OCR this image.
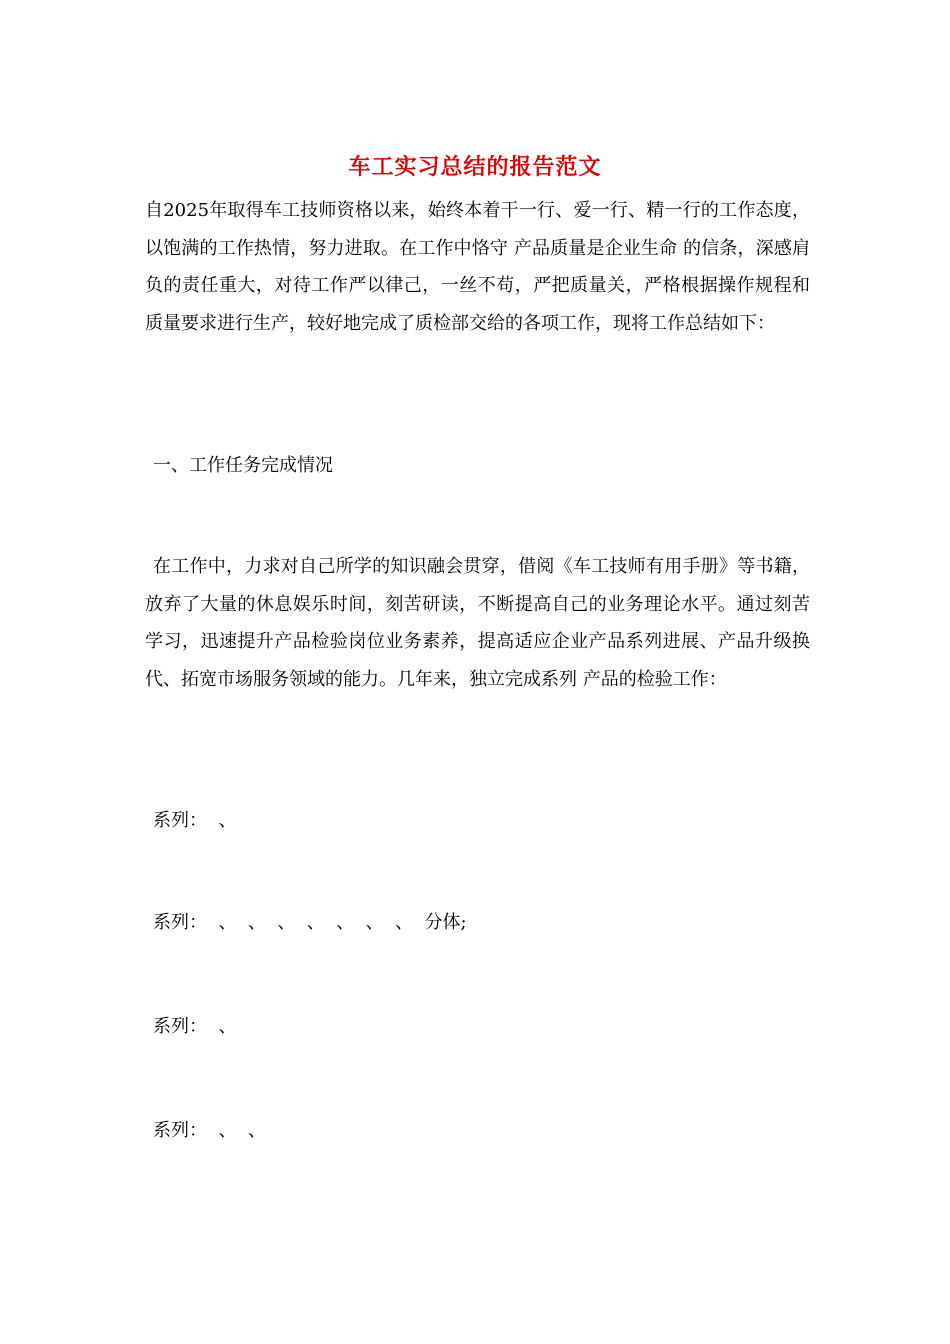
车工实习总结的报告范文

自2025年取得车工技师资格以来，始终本着干一行、爱一行、精一行的工作态度，以饱满的工作热情，努力进取。在工作中恪守 产品质量是企业生命 的信条，深感肩负的责任重大，对待工作严以律己，一丝不苟，严把质量关，严格根据操作规程和质量要求进行生产，较好地完成了质检部交给的各项工作，现将工作总结如下：

一、工作任务完成情况

在工作中，力求对自己所学的知识融会贯穿，借阅《车工技师有用手册》等书籍，放弃了大量的休息娱乐时间，刻苦研读，不断提高自己的业务理论水平。通过刻苦学习，迅速提升产品检验岗位业务素养，提高适应企业产品系列进展、产品升级换代、拓宽市场服务领域的能力。几年来，独立完成系列 产品的检验工作：

系列：  、

系列：  、  、  、  、  、  、  、  分体;

系列：  、

系列：  、  、
